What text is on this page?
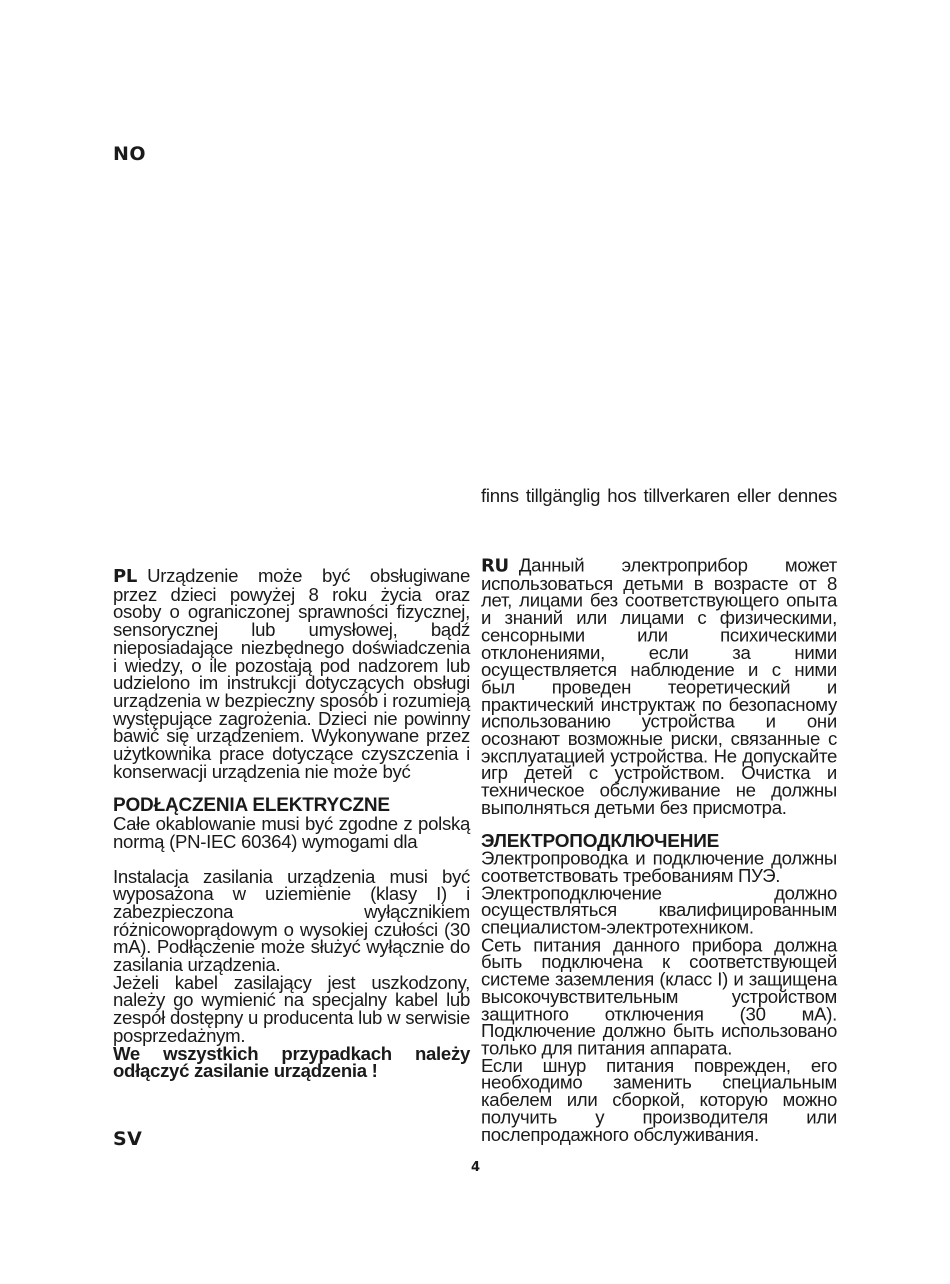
NO
finns tillgänglig hos tillverkaren eller dennes

PL Urządzenie może być obsługiwane przez dzieci powyżej 8 roku życia oraz osoby o ograniczonej sprawności fizycznej, sensorycznej lub umysłowej, bądź nieposiadające niezbędnego doświadczenia i wiedzy, o ile pozostają pod nadzorem lub udzielono im instrukcji dotyczących obsługi urządzenia w bezpieczny sposób i rozumieją występujące zagrożenia. Dzieci nie powinny bawić się urządzeniem. Wykonywane przez użytkownika prace dotyczące czyszczenia i konserwacji urządzenia nie może być

PODŁĄCZENIA ELEKTRYCZNE

Całe okablowanie musi być zgodne z polską normą (PN-IEC 60364) wymogami dla

Instalacja zasilania urządzenia musi być wyposażona w uziemienie (klasy I) i zabezpieczona wyłącznikiem różnicowoprądowym o wysokiej czułości (30 mA). Podłączenie może służyć wyłącznie do zasilania urządzenia.

Jeżeli kabel zasilający jest uszkodzony, należy go wymienić na specjalny kabel lub zespół dostępny u producenta lub w serwisie posprzedażnym.

We wszystkich przypadkach należy odłączyć zasilanie urządzenia !

SV

RU Данный электроприбор может использоваться детьми в возрасте от 8 лет, лицами без соответствующего опыта и знаний или лицами с физическими, сенсорными или психическими отклонениями, если за ними осуществляется наблюдение и с ними был проведен теоретический и практический инструктаж по безопасному использованию устройства и они осознают возможные риски, связанные с эксплуатацией устройства. Не допускайте игр детей с устройством. Очистка и техническое обслуживание не должны выполняться детьми без присмотра.

ЭЛЕКТРОПОДКЛЮЧЕНИЕ

Электропроводка и подключение должны соответствовать требованиям ПУЭ.

Электроподключение должно осуществляться квалифицированным специалистом-электротехником.

Сеть питания данного прибора должна быть подключена к соответствующей системе заземления (класс I) и защищена высокочувствительным устройством защитного отключения (30 мА). Подключение должно быть использовано только для питания аппарата.

Если шнур питания поврежден, его необходимо заменить специальным кабелем или сборкой, которую можно получить у производителя или послепродажного обслуживания.

4
